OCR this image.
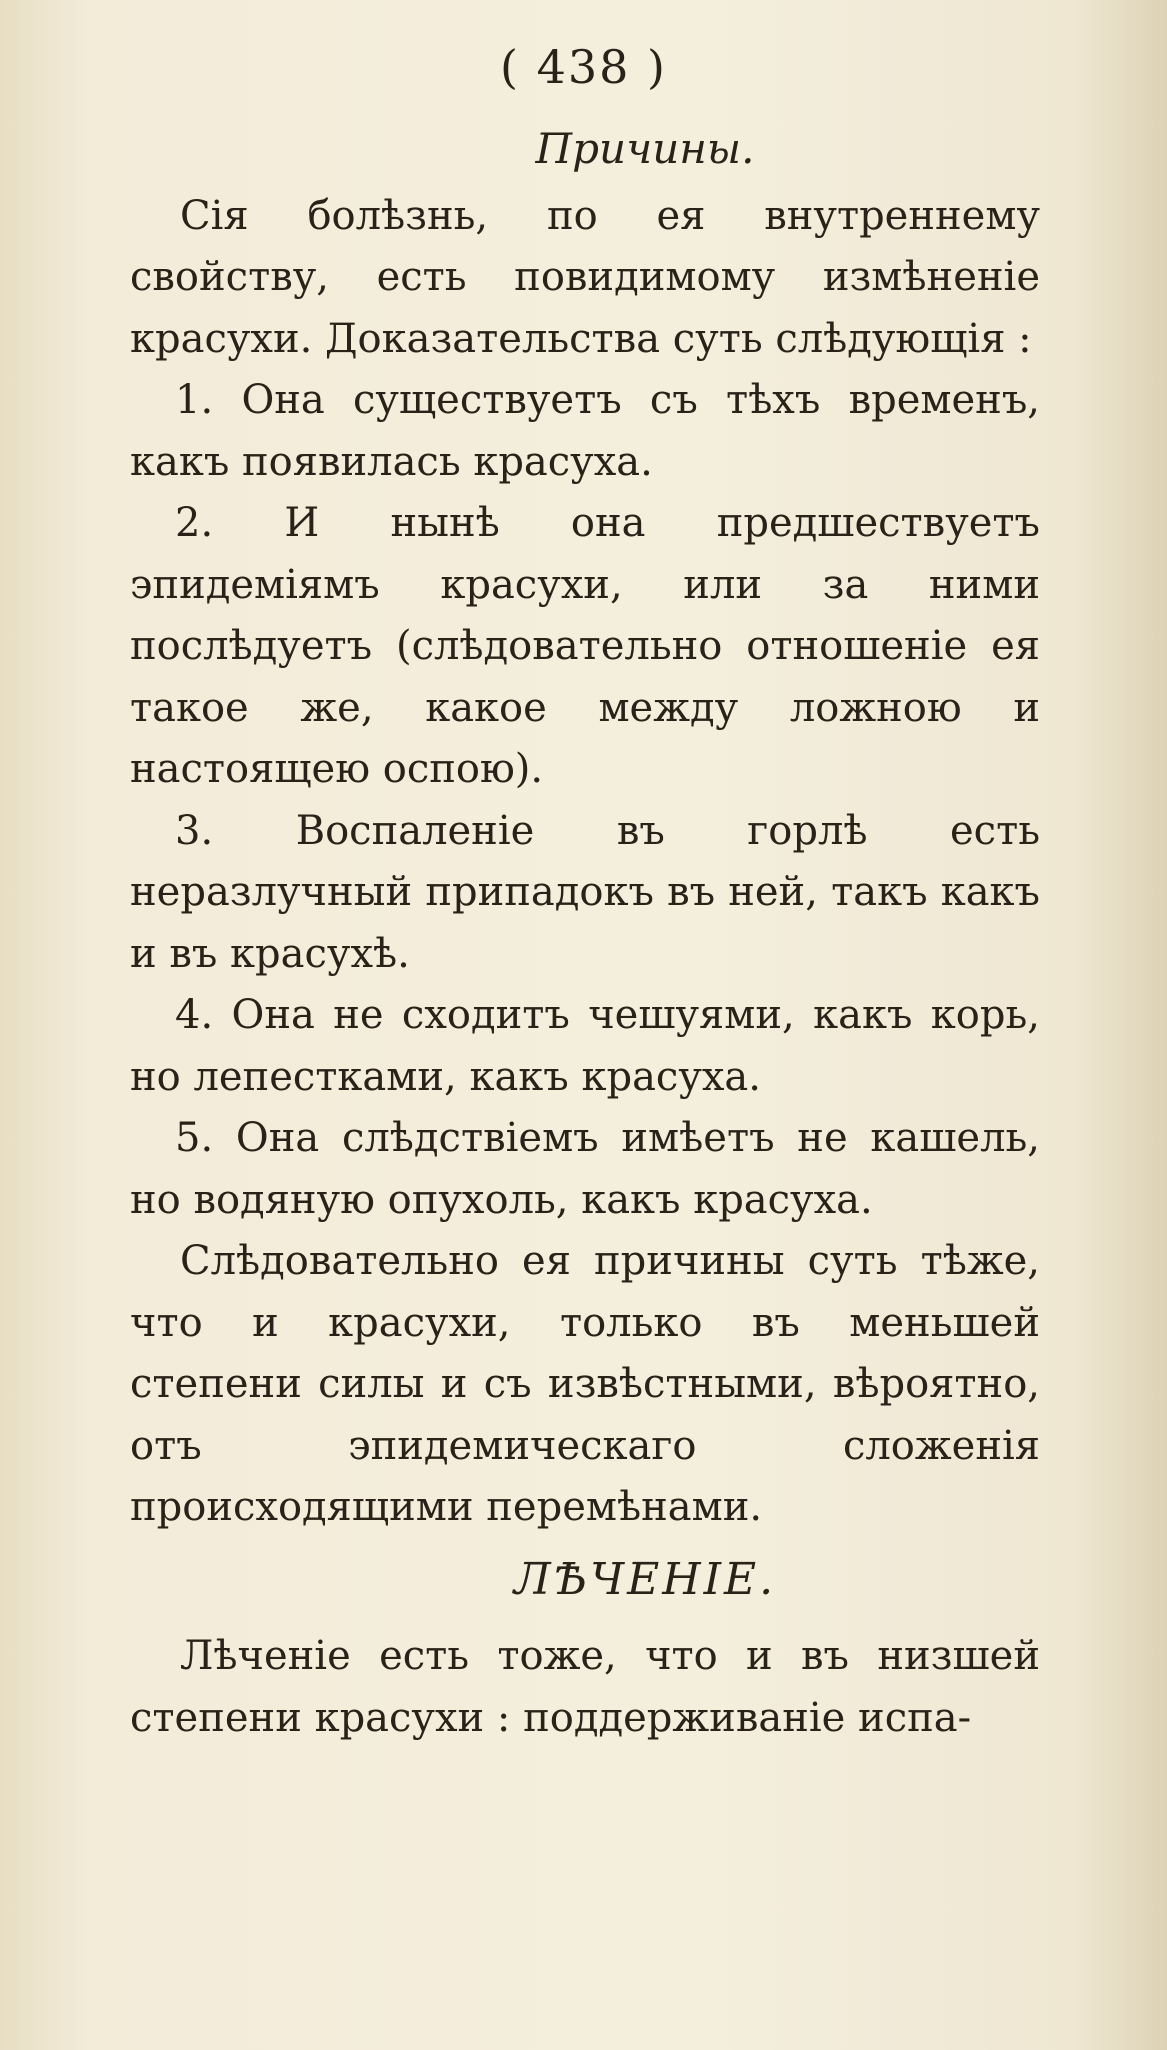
( 438 )

Причины.

Сія болѣзнь, по ея внутреннему свойству, есть повидимому измѣненіе красухи. Доказательства суть слѣдующія :

1. Она существуетъ съ тѣхъ временъ, какъ появилась красуха.

2. И нынѣ она предшествуетъ эпидеміямъ красухи, или за ними послѣдуетъ (слѣдовательно отношеніе ея такое же, какое между ложною и настоящею оспою).

3. Воспаленіе въ горлѣ есть неразлучный припадокъ въ ней, такъ какъ и въ красухѣ.

4. Она не сходитъ чешуями, какъ корь, но лепестками, какъ красуха.

5. Она слѣдствіемъ имѣетъ не кашель, но водяную опухоль, какъ красуха.

Слѣдовательно ея причины суть тѣже, что и красухи, только въ меньшей степени силы и съ извѣстными, вѣроятно, отъ эпидемическаго сложенія происходящими перемѣнами.

ЛѢЧЕНІЕ.

Лѣченіе есть тоже, что и въ низшей степени красухи : поддерживаніе испа-
